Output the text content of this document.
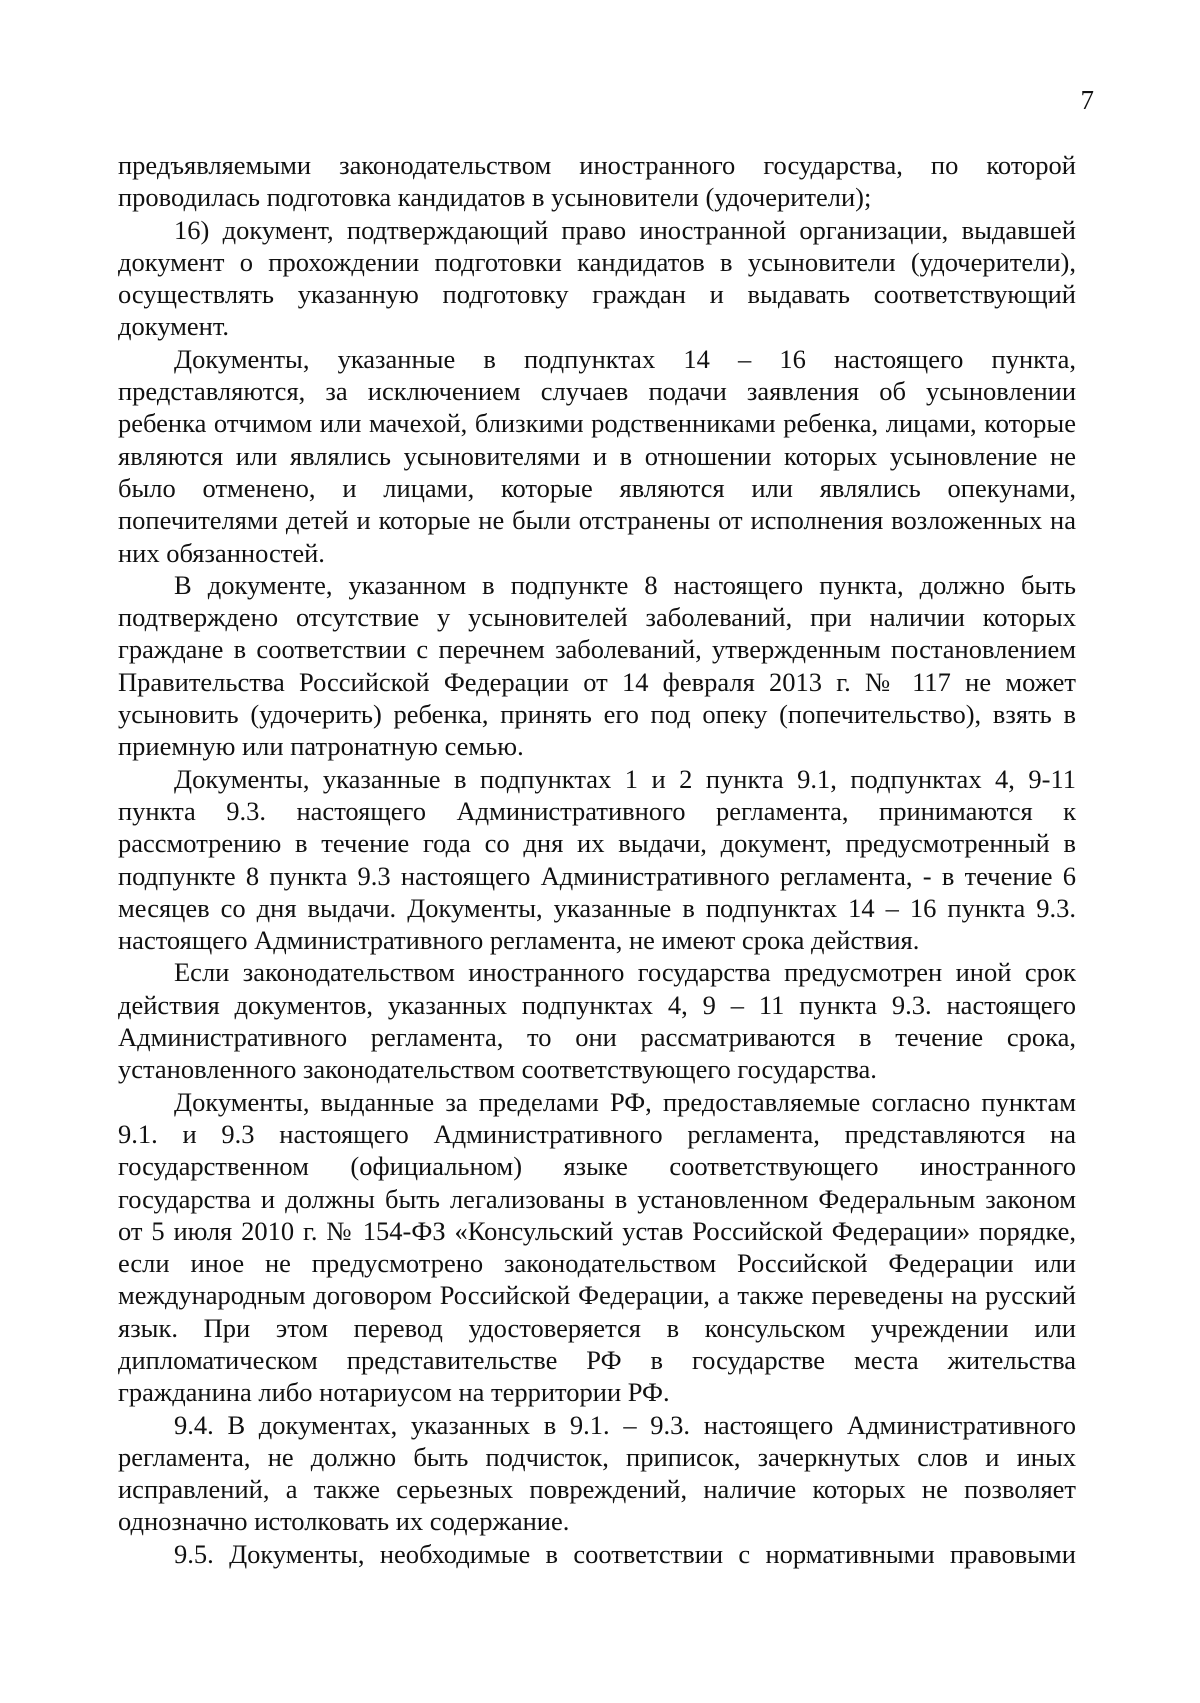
7

предъявляемыми законодательством иностранного государства, по которой проводилась подготовка кандидатов в усыновители (удочерители);

16) документ, подтверждающий право иностранной организации, выдавшей документ о прохождении подготовки кандидатов в усыновители (удочерители), осуществлять указанную подготовку граждан и выдавать соответствующий документ.

Документы, указанные в подпунктах 14 – 16 настоящего пункта, представляются, за исключением случаев подачи заявления об усыновлении ребенка отчимом или мачехой, близкими родственниками ребенка, лицами, которые являются или являлись усыновителями и в отношении которых усыновление не было отменено, и лицами, которые являются или являлись опекунами, попечителями детей и которые не были отстранены от исполнения возложенных на них обязанностей.

В документе, указанном в подпункте 8 настоящего пункта, должно быть подтверждено отсутствие у усыновителей заболеваний, при наличии которых граждане в соответствии с перечнем заболеваний, утвержденным постановлением Правительства Российской Федерации от 14 февраля 2013 г. № 117 не может усыновить (удочерить) ребенка, принять его под опеку (попечительство), взять в приемную или патронатную семью.

Документы, указанные в подпунктах 1 и 2 пункта 9.1, подпунктах 4, 9-11 пункта 9.3. настоящего Административного регламента, принимаются к рассмотрению в течение года со дня их выдачи, документ, предусмотренный в подпункте 8 пункта 9.3 настоящего Административного регламента, - в течение 6 месяцев со дня выдачи. Документы, указанные в подпунктах 14 – 16 пункта 9.3. настоящего Административного регламента, не имеют срока действия.

Если законодательством иностранного государства предусмотрен иной срок действия документов, указанных подпунктах 4, 9 – 11 пункта 9.3. настоящего Административного регламента, то они рассматриваются в течение срока, установленного законодательством соответствующего государства.

Документы, выданные за пределами РФ, предоставляемые согласно пунктам 9.1. и 9.3 настоящего Административного регламента, представляются на государственном (официальном) языке соответствующего иностранного государства и должны быть легализованы в установленном Федеральным законом от 5 июля 2010 г. № 154-ФЗ «Консульский устав Российской Федерации» порядке, если иное не предусмотрено законодательством Российской Федерации или международным договором Российской Федерации, а также переведены на русский язык. При этом перевод удостоверяется в консульском учреждении или дипломатическом представительстве РФ в государстве места жительства гражданина либо нотариусом на территории РФ.

9.4. В документах, указанных в 9.1. – 9.3. настоящего Административного регламента, не должно быть подчисток, приписок, зачеркнутых слов и иных исправлений, а также серьезных повреждений, наличие которых не позволяет однозначно истолковать их содержание.

9.5. Документы, необходимые в соответствии с нормативными правовыми
